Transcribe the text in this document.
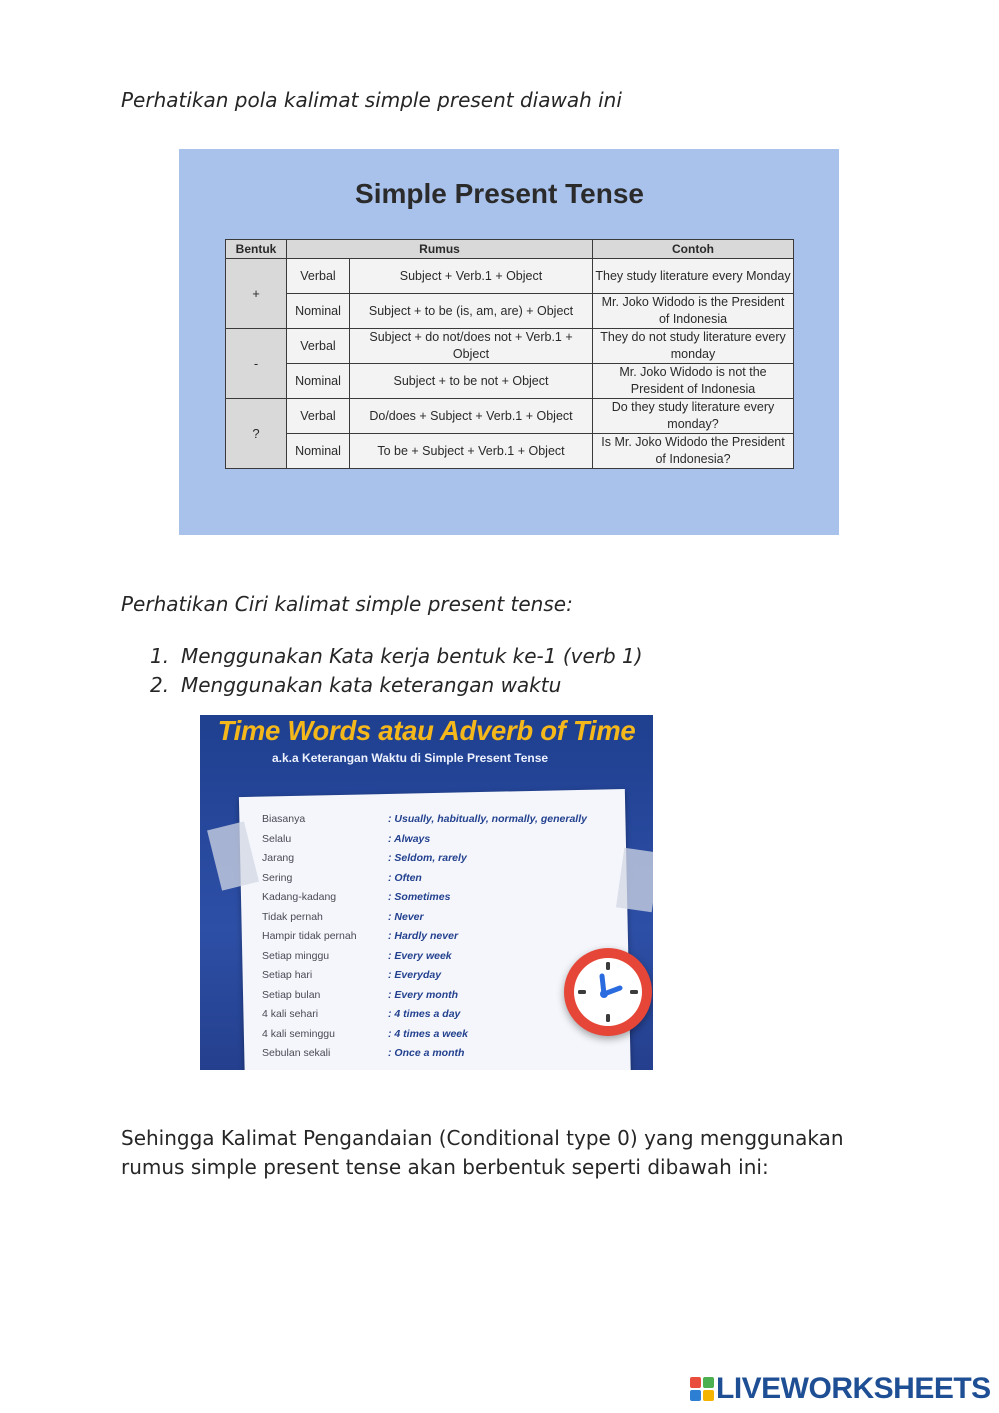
Perhatikan pola kalimat simple present diawah ini

Simple Present Tense
Bentuk	Rumus		Contoh
+	Verbal	Subject + Verb.1 + Object	They study literature every Monday
	Nominal	Subject + to be (is, am, are) + Object	Mr. Joko Widodo is the President of Indonesia
-	Verbal	Subject + do not/does not + Verb.1 + Object	They do not study literature every monday
	Nominal	Subject + to be not + Object	Mr. Joko Widodo is not the President of Indonesia
?	Verbal	Do/does + Subject + Verb.1 + Object	Do they study literature every monday?
	Nominal	To be + Subject + Verb.1 + Object	Is Mr. Joko Widodo the President of Indonesia?

Perhatikan Ciri kalimat simple present tense:

1. Menggunakan Kata kerja bentuk ke-1 (verb 1)
2. Menggunakan kata keterangan waktu
Time Words atau Adverb of Time
a.k.a Keterangan Waktu di Simple Present Tense
Biasanya	: Usually, habitually, normally, generally
Selalu	: Always
Jarang	: Seldom, rarely
Sering	: Often
Kadang-kadang	: Sometimes
Tidak pernah	: Never
Hampir tidak pernah	: Hardly never
Setiap minggu	: Every week
Setiap hari	: Everyday
Setiap bulan	: Every month
4 kali sehari	: 4 times a day
4 kali seminggu	: 4 times a week
Sebulan sekali	: Once a month

Sehingga Kalimat Pengandaian (Conditional type 0) yang menggunakan rumus simple present tense akan berbentuk seperti dibawah ini:

LIVEWORKSHEETS
